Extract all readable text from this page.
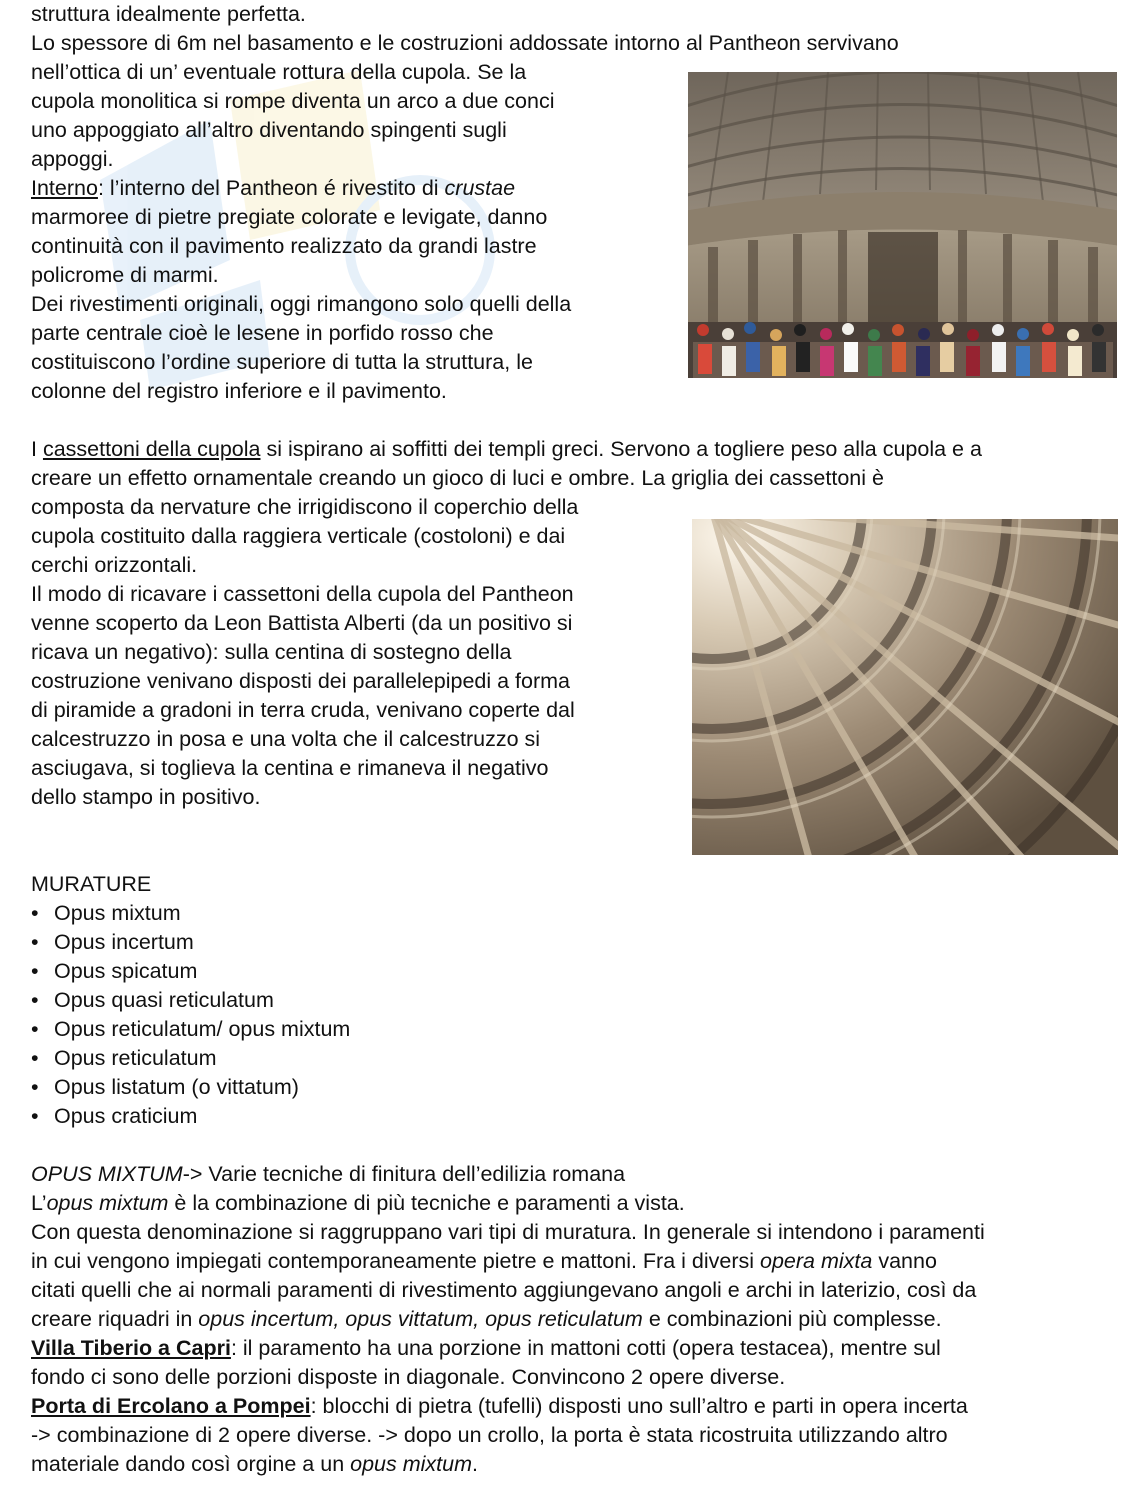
struttura idealmente perfetta.
Lo spessore di 6m nel basamento e le costruzioni addossate intorno al Pantheon servivano
nell’ottica di un’ eventuale rottura della cupola. Se la
cupola monolitica si rompe diventa un arco a due conci
uno appoggiato all’altro diventando spingenti sugli
appoggi.
Interno: l’interno del Pantheon é rivestito di crustae
marmoree di pietre pregiate colorate e levigate, danno
continuità con il pavimento realizzato da grandi lastre
policrome di marmi.
Dei rivestimenti originali, oggi rimangono solo quelli della
parte centrale cioè le lesene in porfido rosso che
costituiscono l’ordine superiore di tutta la struttura, le
colonne del registro inferiore e il pavimento.
I cassettoni della cupola si ispirano ai soffitti dei templi greci. Servono a togliere peso alla cupola e a
creare un effetto ornamentale creando un gioco di luci e ombre. La griglia dei cassettoni è
composta da nervature che irrigidiscono il coperchio della
cupola costituito dalla raggiera verticale (costoloni) e dai
cerchi orizzontali.
Il modo di ricavare i cassettoni della cupola del Pantheon
venne scoperto da Leon Battista Alberti (da un positivo si
ricava un negativo): sulla centina di sostegno della
costruzione venivano disposti dei parallelepipedi a forma
di piramide a gradoni in terra cruda, venivano coperte dal
calcestruzzo in posa e una volta che il calcestruzzo si
asciugava, si toglieva la centina e rimaneva il negativo
dello stampo in positivo.
MURATURE
• Opus mixtum
• Opus incertum
• Opus spicatum
• Opus quasi reticulatum
• Opus reticulatum/ opus mixtum
• Opus reticulatum
• Opus listatum (o vittatum)
• Opus craticium
OPUS MIXTUM-> Varie tecniche di finitura dell’edilizia romana
L’opus mixtum è la combinazione di più tecniche e paramenti a vista.
Con questa denominazione si raggruppano vari tipi di muratura. In generale si intendono i paramenti
in cui vengono impiegati contemporaneamente pietre e mattoni. Fra i diversi opera mixta vanno
citati quelli che ai normali paramenti di rivestimento aggiungevano angoli e archi in laterizio, così da
creare riquadri in opus incertum, opus vittatum, opus reticulatum e combinazioni più complesse.
Villa Tiberio a Capri: il paramento ha una porzione in mattoni cotti (opera testacea), mentre sul
fondo ci sono delle porzioni disposte in diagonale. Convincono 2 opere diverse.
Porta di Ercolano a Pompei: blocchi di pietra (tufelli) disposti uno sull’altro e parti in opera incerta
-> combinazione di 2 opere diverse. -> dopo un crollo, la porta è stata ricostruita utilizzando altro
materiale dando così orgine a un opus mixtum.
